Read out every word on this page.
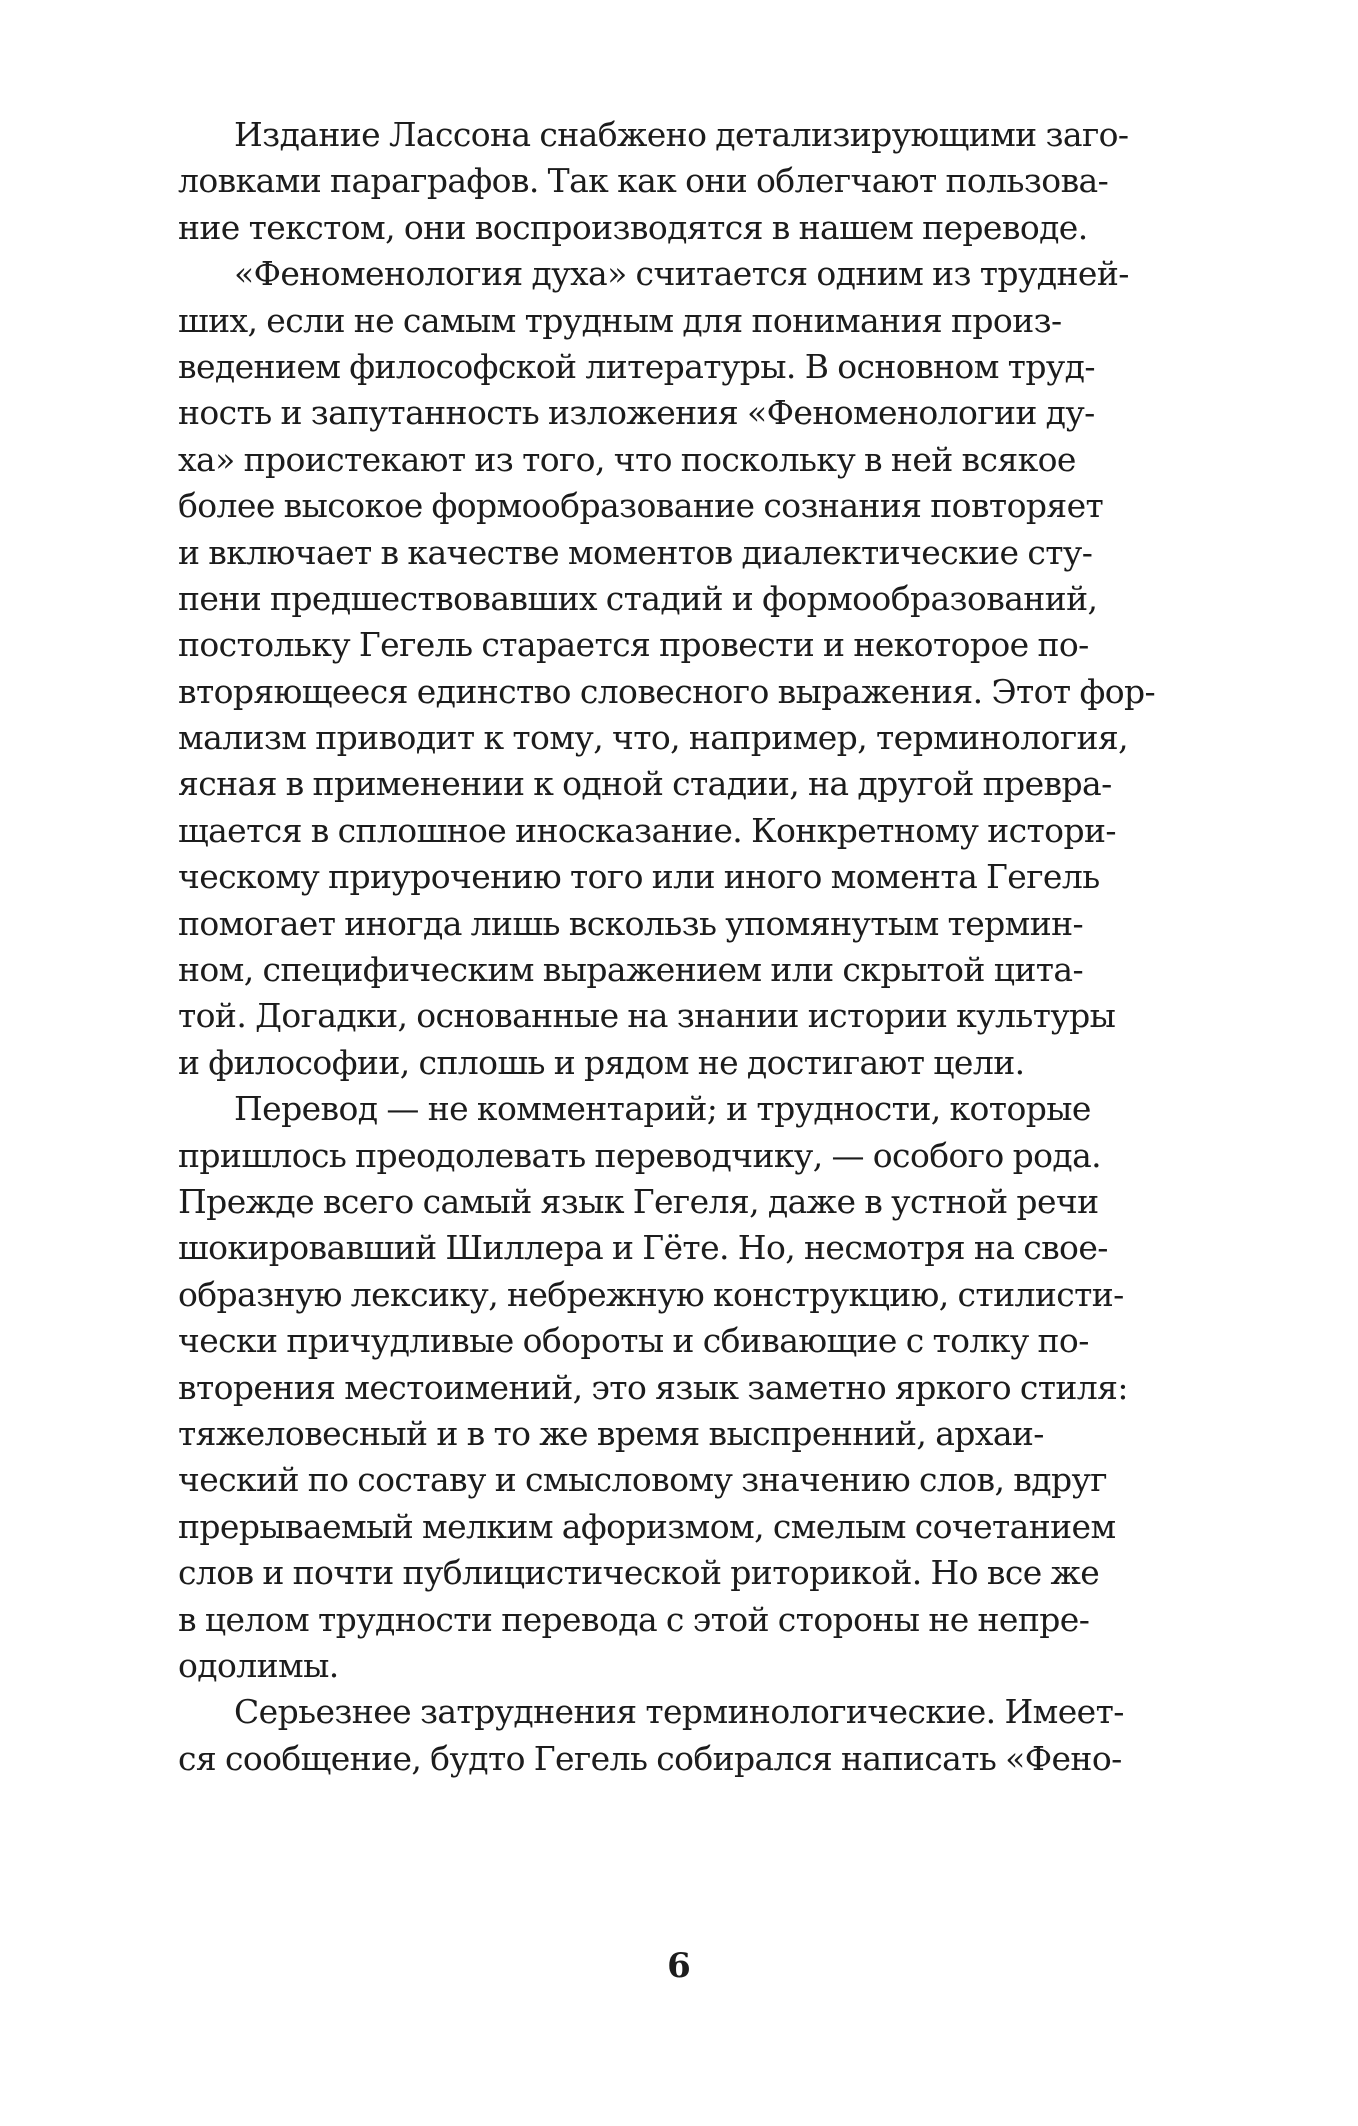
Издание Лассона снабжено детализирующими заго-
ловками параграфов. Так как они облегчают пользова-
ние текстом, они воспроизводятся в нашем переводе.
«Феноменология духа» считается одним из трудней-
ших, если не самым трудным для понимания произ-
ведением философской литературы. В основном труд-
ность и запутанность изложения «Феноменологии ду-
ха» проистекают из того, что поскольку в ней всякое
более высокое формообразование сознания повторяет
и включает в качестве моментов диалектические сту-
пени предшествовавших стадий и формообразований,
постольку Гегель старается провести и некоторое по-
вторяющееся единство словесного выражения. Этот фор-
мализм приводит к тому, что, например, терминология,
ясная в применении к одной стадии, на другой превра-
щается в сплошное иносказание. Конкретному истори-
ческому приурочению того или иного момента Гегель
помогает иногда лишь вскользь упомянутым термин-
ном, специфическим выражением или скрытой цита-
той. Догадки, основанные на знании истории культуры
и философии, сплошь и рядом не достигают цели.
Перевод — не комментарий; и трудности, которые
пришлось преодолевать переводчику, — особого рода.
Прежде всего самый язык Гегеля, даже в устной речи
шокировавший Шиллера и Гёте. Но, несмотря на свое-
образную лексику, небрежную конструкцию, стилисти-
чески причудливые обороты и сбивающие с толку по-
вторения местоимений, это язык заметно яркого стиля:
тяжеловесный и в то же время выспренний, архаи-
ческий по составу и смысловому значению слов, вдруг
прерываемый мелким афоризмом, смелым сочетанием
слов и почти публицистической риторикой. Но все же
в целом трудности перевода с этой стороны не непре-
одолимы.
Серьезнее затруднения терминологические. Имеет-
ся сообщение, будто Гегель собирался написать «Фено-
6
